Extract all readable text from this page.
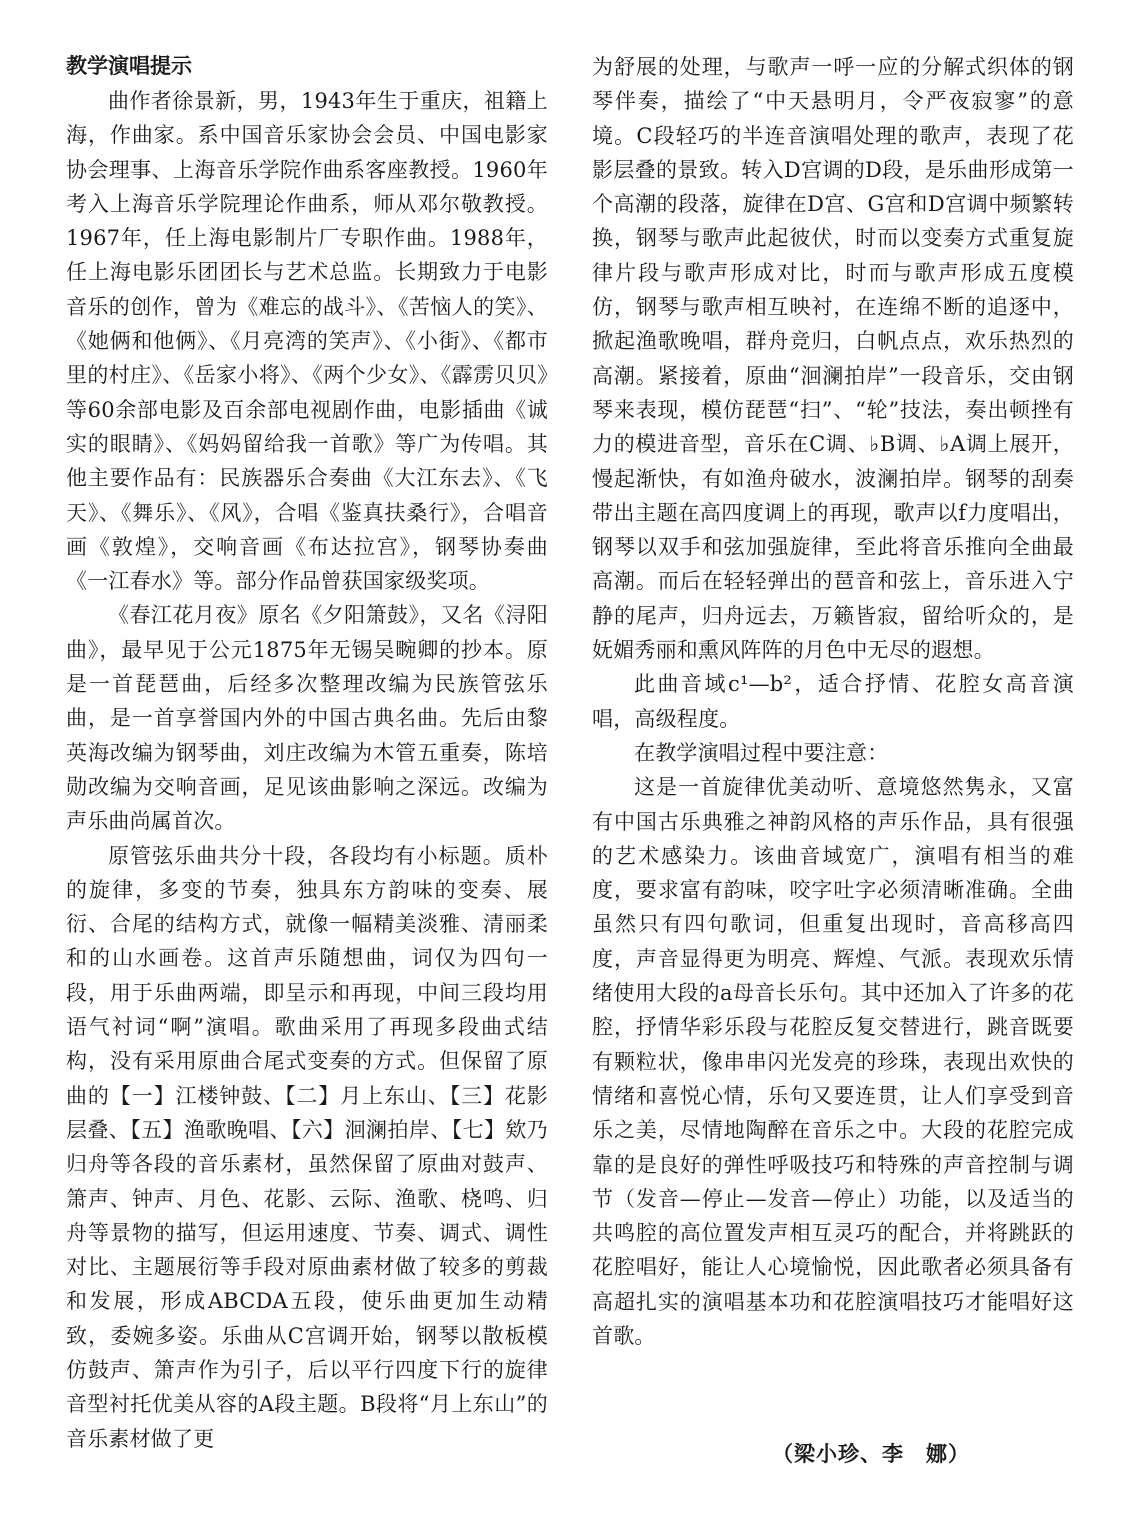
教学演唱提示

曲作者徐景新，男，1943年生于重庆，祖籍上海，作曲家。系中国音乐家协会会员、中国电影家协会理事、上海音乐学院作曲系客座教授。1960年考入上海音乐学院理论作曲系，师从邓尔敬教授。1967年，任上海电影制片厂专职作曲。1988年，任上海电影乐团团长与艺术总监。长期致力于电影音乐的创作，曾为《难忘的战斗》、《苦恼人的笑》、《她俩和他俩》、《月亮湾的笑声》、《小街》、《都市里的村庄》、《岳家小将》、《两个少女》、《霹雳贝贝》等60余部电影及百余部电视剧作曲，电影插曲《诚实的眼睛》、《妈妈留给我一首歌》等广为传唱。其他主要作品有：民族器乐合奏曲《大江东去》、《飞天》、《舞乐》、《风》，合唱《鉴真扶桑行》，合唱音画《敦煌》，交响音画《布达拉宫》，钢琴协奏曲《一江春水》等。部分作品曾获国家级奖项。

《春江花月夜》原名《夕阳箫鼓》，又名《浔阳曲》，最早见于公元1875年无锡吴畹卿的抄本。原是一首琵琶曲，后经多次整理改编为民族管弦乐曲，是一首享誉国内外的中国古典名曲。先后由黎英海改编为钢琴曲，刘庄改编为木管五重奏，陈培勋改编为交响音画，足见该曲影响之深远。改编为声乐曲尚属首次。

原管弦乐曲共分十段，各段均有小标题。质朴的旋律，多变的节奏，独具东方韵味的变奏、展衍、合尾的结构方式，就像一幅精美淡雅、清丽柔和的山水画卷。这首声乐随想曲，词仅为四句一段，用于乐曲两端，即呈示和再现，中间三段均用语气衬词“啊”演唱。歌曲采用了再现多段曲式结构，没有采用原曲合尾式变奏的方式。但保留了原曲的【一】江楼钟鼓、【二】月上东山、【三】花影层叠、【五】渔歌晚唱、【六】洄澜拍岸、【七】欸乃归舟等各段的音乐素材，虽然保留了原曲对鼓声、箫声、钟声、月色、花影、云际、渔歌、桡鸣、归舟等景物的描写，但运用速度、节奏、调式、调性对比、主题展衍等手段对原曲素材做了较多的剪裁和发展，形成ABCDA五段，使乐曲更加生动精致，委婉多姿。乐曲从C宫调开始，钢琴以散板模仿鼓声、箫声作为引子，后以平行四度下行的旋律音型衬托优美从容的A段主题。B段将“月上东山”的音乐素材做了更

为舒展的处理，与歌声一呼一应的分解式织体的钢琴伴奏，描绘了“中天悬明月，令严夜寂寥”的意境。C段轻巧的半连音演唱处理的歌声，表现了花影层叠的景致。转入D宫调的D段，是乐曲形成第一个高潮的段落，旋律在D宫、G宫和D宫调中频繁转换，钢琴与歌声此起彼伏，时而以变奏方式重复旋律片段与歌声形成对比，时而与歌声形成五度模仿，钢琴与歌声相互映衬，在连绵不断的追逐中，掀起渔歌晚唱，群舟竞归，白帆点点，欢乐热烈的高潮。紧接着，原曲“洄澜拍岸”一段音乐，交由钢琴来表现，模仿琵琶“扫”、“轮”技法，奏出顿挫有力的模进音型，音乐在C调、♭B调、♭A调上展开，慢起渐快，有如渔舟破水，波澜拍岸。钢琴的刮奏带出主题在高四度调上的再现，歌声以f力度唱出，钢琴以双手和弦加强旋律，至此将音乐推向全曲最高潮。而后在轻轻弹出的琶音和弦上，音乐进入宁静的尾声，归舟远去，万籁皆寂，留给听众的，是妩媚秀丽和熏风阵阵的月色中无尽的遐想。

此曲音域c¹—b²，适合抒情、花腔女高音演唱，高级程度。

在教学演唱过程中要注意：

这是一首旋律优美动听、意境悠然隽永，又富有中国古乐典雅之神韵风格的声乐作品，具有很强的艺术感染力。该曲音域宽广，演唱有相当的难度，要求富有韵味，咬字吐字必须清晰准确。全曲虽然只有四句歌词，但重复出现时，音高移高四度，声音显得更为明亮、辉煌、气派。表现欢乐情绪使用大段的a母音长乐句。其中还加入了许多的花腔，抒情华彩乐段与花腔反复交替进行，跳音既要有颗粒状，像串串闪光发亮的珍珠，表现出欢快的情绪和喜悦心情，乐句又要连贯，让人们享受到音乐之美，尽情地陶醉在音乐之中。大段的花腔完成靠的是良好的弹性呼吸技巧和特殊的声音控制与调节（发音—停止—发音—停止）功能，以及适当的共鸣腔的高位置发声相互灵巧的配合，并将跳跃的花腔唱好，能让人心境愉悦，因此歌者必须具备有高超扎实的演唱基本功和花腔演唱技巧才能唱好这首歌。

（梁小珍、李　娜）
